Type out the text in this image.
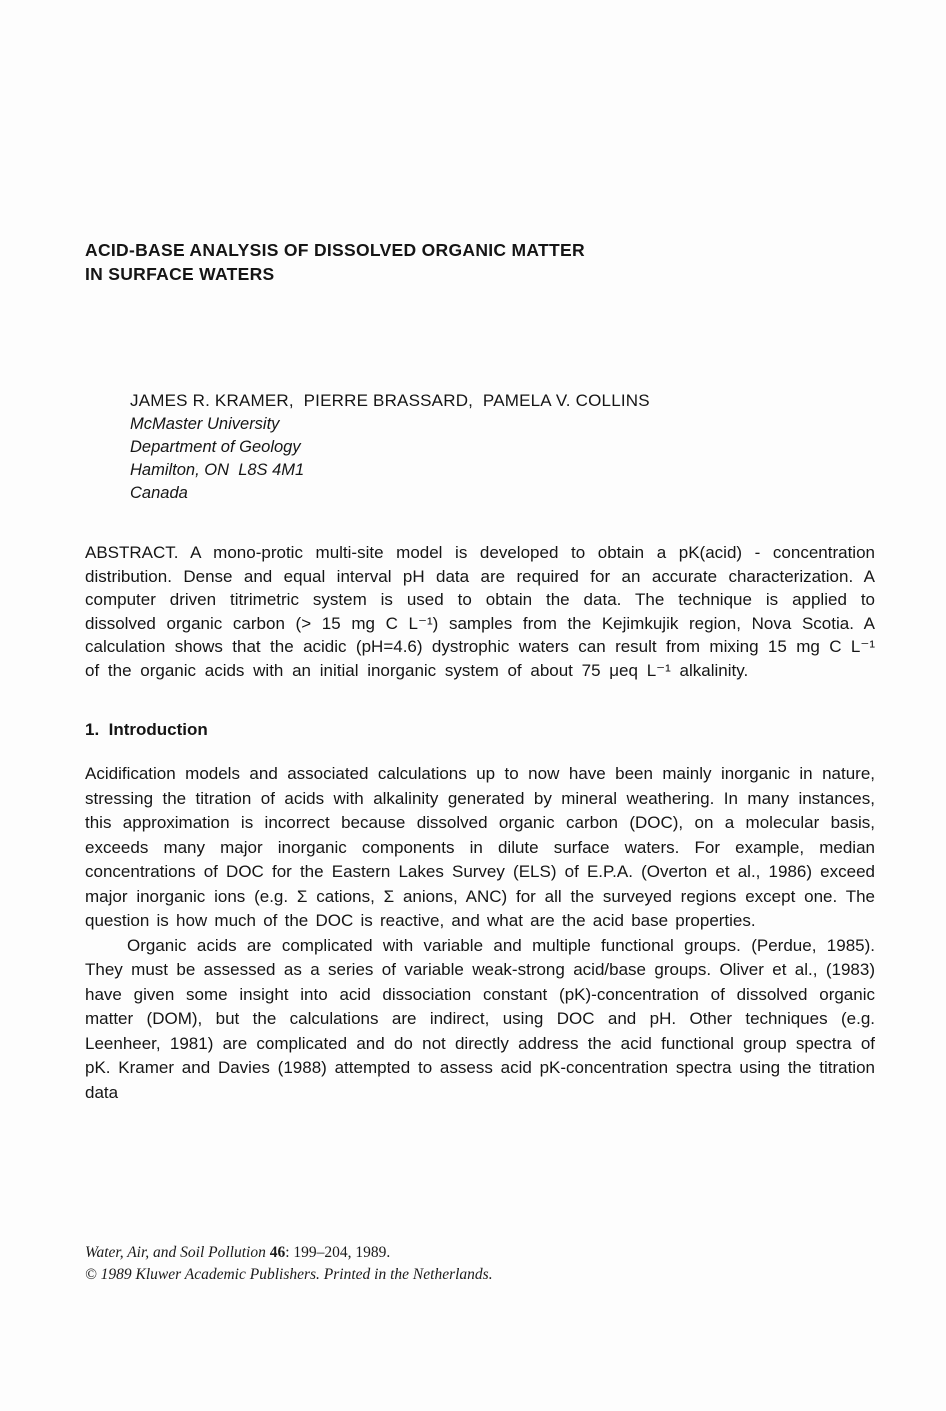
ACID-BASE ANALYSIS OF DISSOLVED ORGANIC MATTER
IN SURFACE WATERS
JAMES R. KRAMER,  PIERRE BRASSARD,  PAMELA V. COLLINS
McMaster University
Department of Geology
Hamilton, ON  L8S 4M1
Canada

ABSTRACT. A mono-protic multi-site model is developed to obtain a pK(acid) - concentration distribution. Dense and equal interval pH data are required for an accurate characterization. A computer driven titrimetric system is used to obtain the data. The technique is applied to dissolved organic carbon (> 15 mg C L⁻¹) samples from the Kejimkujik region, Nova Scotia. A calculation shows that the acidic (pH=4.6) dystrophic waters can result from mixing 15 mg C L⁻¹ of the organic acids with an initial inorganic system of about 75 μeq L⁻¹ alkalinity.

1.  Introduction

Acidification models and associated calculations up to now have been mainly inorganic in nature, stressing the titration of acids with alkalinity generated by mineral weathering. In many instances, this approximation is incorrect because dissolved organic carbon (DOC), on a molecular basis, exceeds many major inorganic components in dilute surface waters. For example, median concentrations of DOC for the Eastern Lakes Survey (ELS) of E.P.A. (Overton et al., 1986) exceed major inorganic ions (e.g. Σ cations, Σ anions, ANC) for all the surveyed regions except one. The question is how much of the DOC is reactive, and what are the acid base properties.

Organic acids are complicated with variable and multiple functional groups. (Perdue, 1985). They must be assessed as a series of variable weak-strong acid/base groups. Oliver et al., (1983) have given some insight into acid dissociation constant (pK)-concentration of dissolved organic matter (DOM), but the calculations are indirect, using DOC and pH. Other techniques (e.g. Leenheer, 1981) are complicated and do not directly address the acid functional group spectra of pK. Kramer and Davies (1988) attempted to assess acid pK-concentration spectra using the titration data

Water, Air, and Soil Pollution 46: 199–204, 1989.
© 1989 Kluwer Academic Publishers. Printed in the Netherlands.
